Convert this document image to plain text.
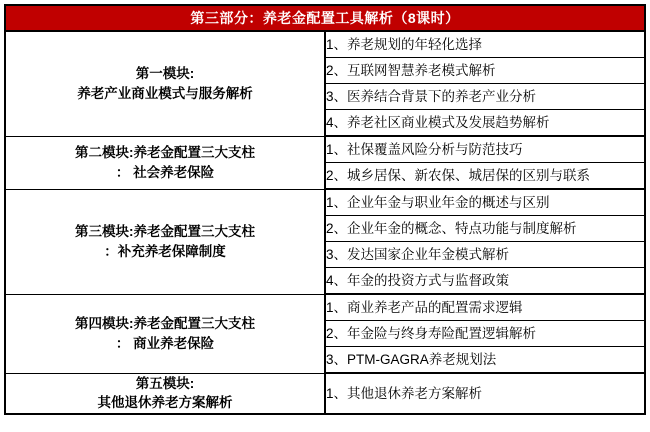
第三部分：养老金配置工具解析（8课时）	

第一模块:
养老产业商业模式与服务解析	1、养老规划的年轻化选择
	2、互联网智慧养老模式解析
	3、医养结合背景下的养老产业分析
	4、养老社区商业模式及发展趋势解析

第二模块:养老金配置三大支柱
： 社会养老保险	1、社保覆盖风险分析与防范技巧
	2、城乡居保、新农保、城居保的区别与联系

第三模块:养老金配置三大支柱
：补充养老保障制度	1、企业年金与职业年金的概述与区别
	2、企业年金的概念、特点功能与制度解析
	3、发达国家企业年金模式解析
	4、年金的投资方式与监督政策

第四模块:养老金配置三大支柱
： 商业养老保险	1、商业养老产品的配置需求逻辑
	2、年金险与终身寿险配置逻辑解析
	3、PTM-GAGRA养老规划法

第五模块:
其他退休养老方案解析	1、其他退休养老方案解析
